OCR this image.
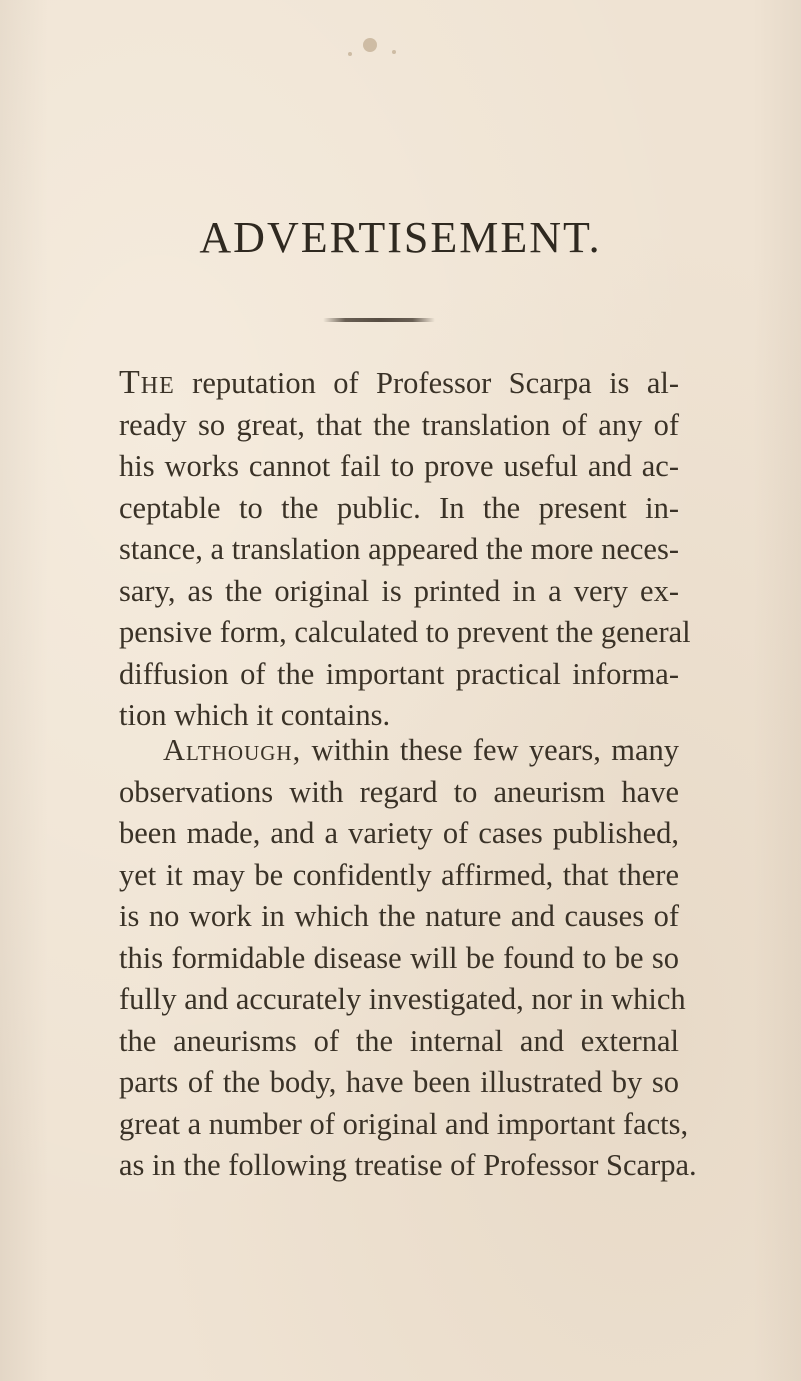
ADVERTISEMENT.
The reputation of Professor Scarpa is al-
ready so great, that the translation of any of
his works cannot fail to prove useful and ac-
ceptable to the public. In the present in-
stance, a translation appeared the more neces-
sary, as the original is printed in a very ex-
pensive form, calculated to prevent the general
diffusion of the important practical informa-
tion which it contains.
Although, within these few years, many
observations with regard to aneurism have
been made, and a variety of cases published,
yet it may be confidently affirmed, that there
is no work in which the nature and causes of
this formidable disease will be found to be so
fully and accurately investigated, nor in which
the aneurisms of the internal and external
parts of the body, have been illustrated by so
great a number of original and important facts,
as in the following treatise of Professor Scarpa.
